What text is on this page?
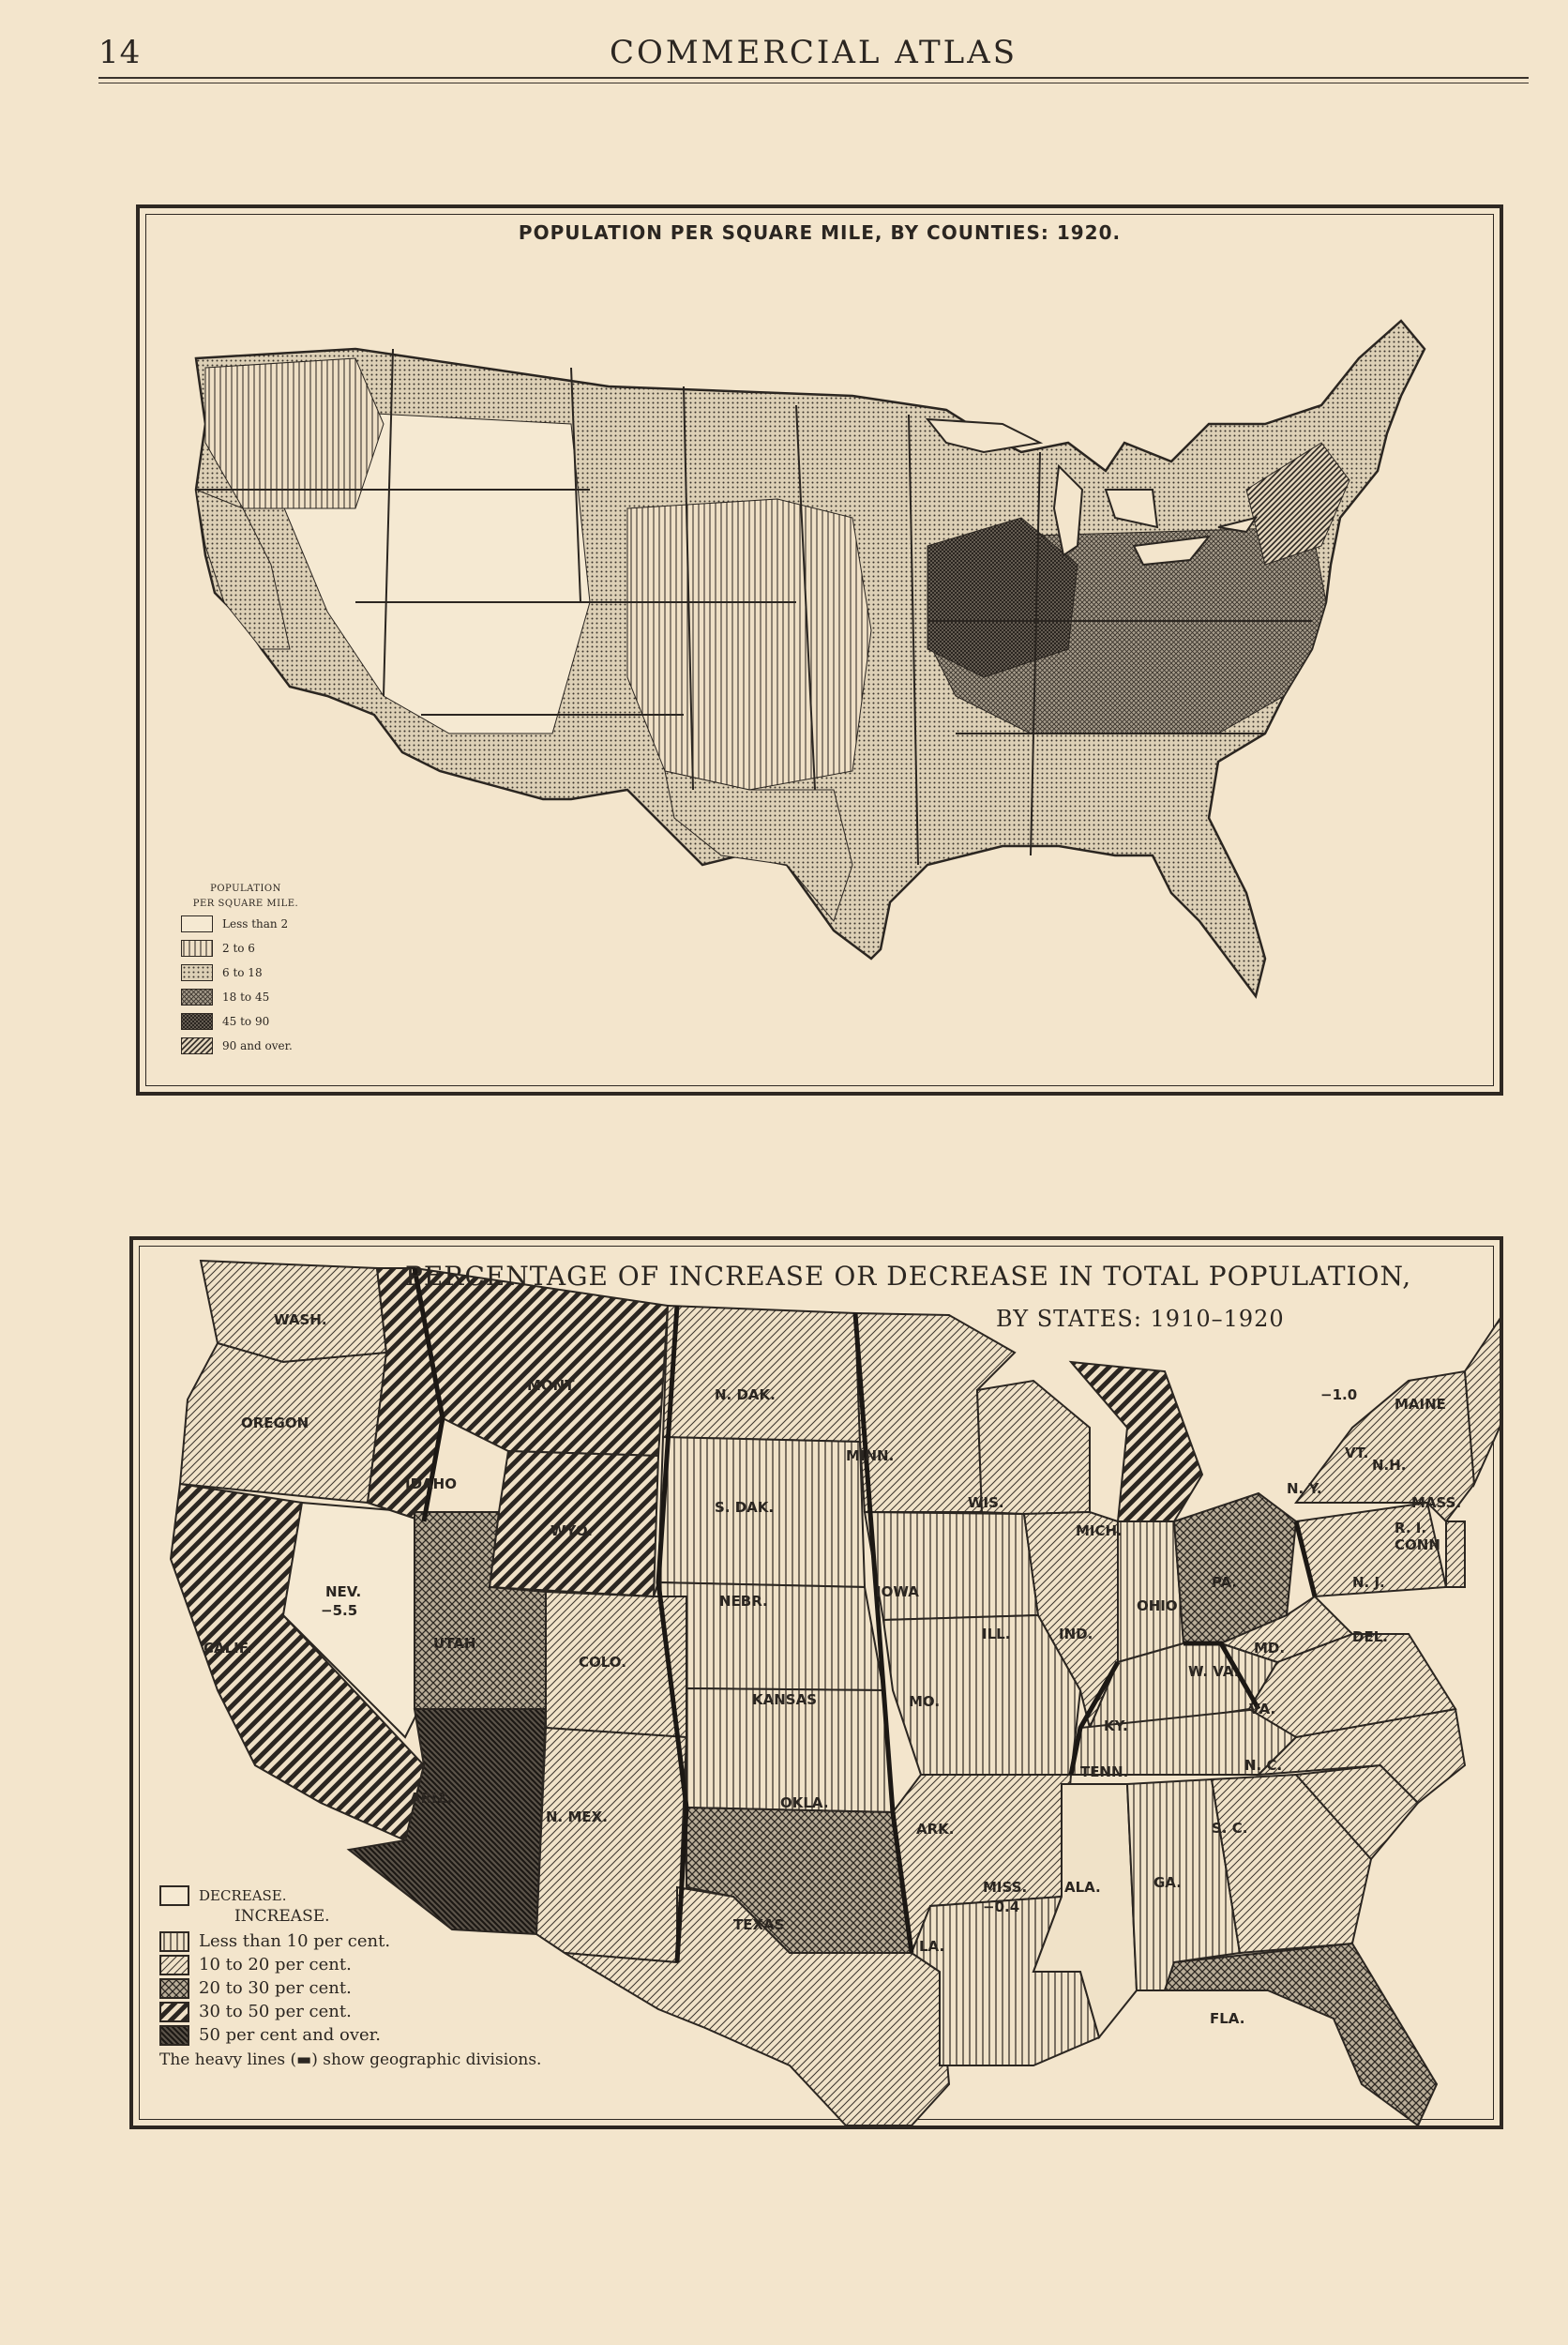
14	COMMERCIAL ATLAS
POPULATION PER SQUARE MILE, BY COUNTIES: 1920.
POPULATION
PER SQUARE MILE.
Less than 2
2 to 6
6 to 18
18 to 45
45 to 90
90 and over.
WASH.
OREGON
CALIF.
NEV.
−5.5
IDAHO
MONT.
WYO.
UTAH
COLO.
ARIZ.
N. MEX.
N. DAK.
S. DAK.
NEBR.
KANSAS
OKLA.
TEXAS
MINN.
IOWA
MO.
ARK.
LA.
WIS.
ILL.
MICH.
IND.
OHIO
KY.
TENN.
MISS.
−0.4
ALA.	GA.
FLA.
S. C.
N. C.
VA.
W. VA.
MD.
DEL.
PA.	N. J.
N. Y.
R. I.
CONN
MASS.
VT.
N.H.
MAINE
−1.0
PERCENTAGE OF INCREASE OR DECREASE IN TOTAL POPULATION,
BY STATES: 1910–1920
DECREASE.
INCREASE.
Less than 10 per cent.
10 to 20 per cent.
20 to 30 per cent.
30 to 50 per cent.
50 per cent and over.
The heavy lines (▬) show geographic divisions.
